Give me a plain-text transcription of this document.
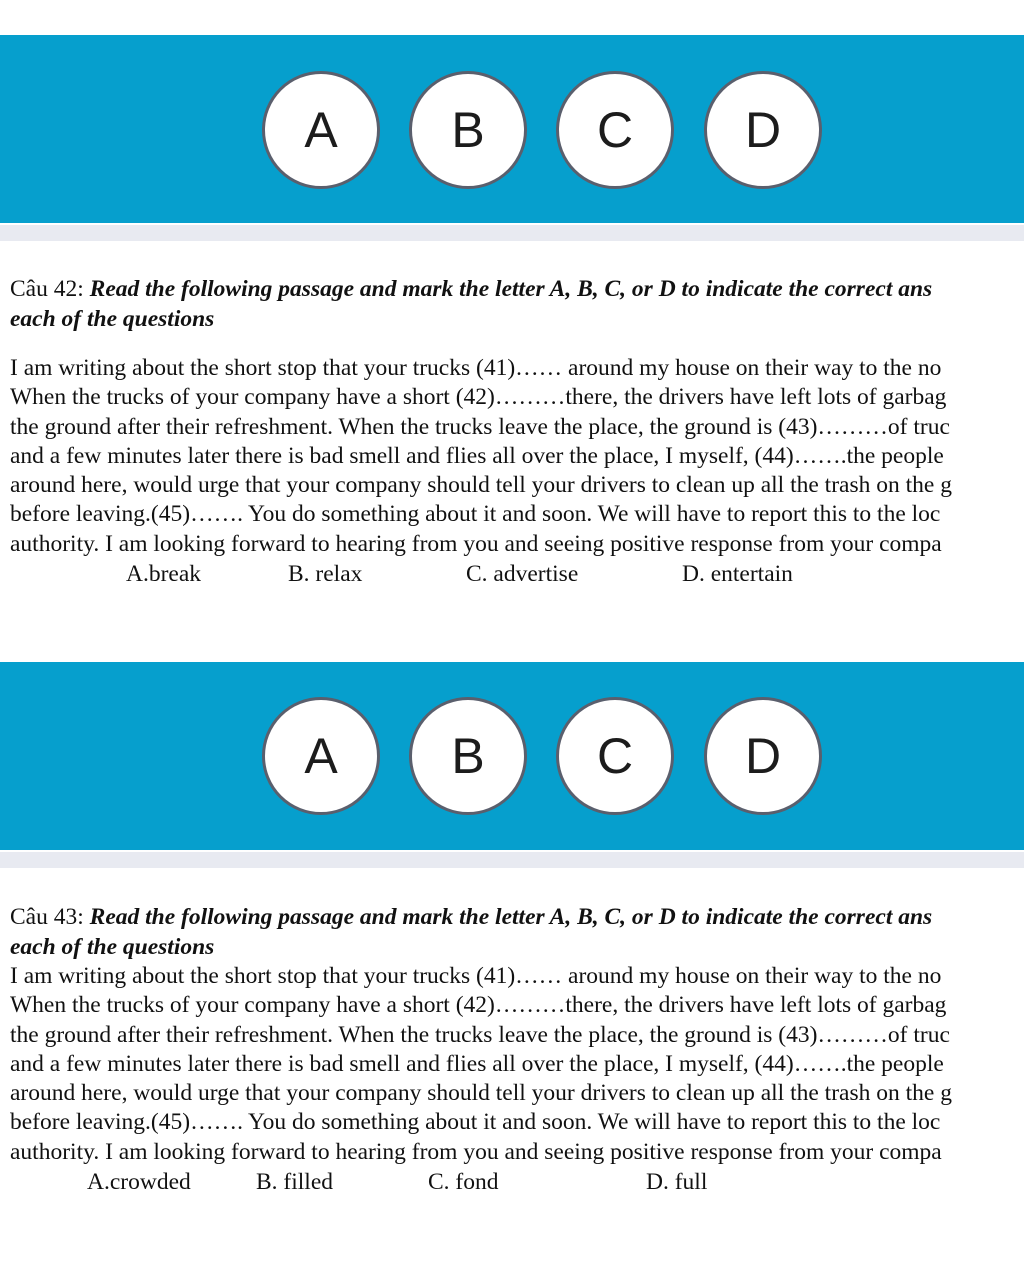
A	B	C	D

Câu 42: Read the following passage and mark the letter A, B, C, or D to indicate the correct ans

each of the questions

I am writing about the short stop that your trucks (41)…… around my house on their way to the no
When the trucks of your company have a short (42)………there, the drivers have left lots of garbag
the ground after their refreshment. When the trucks leave the place, the ground is (43)………of truc
and a few minutes later there is bad smell and flies all over the place, I myself, (44)…….the people
around here, would urge that your company should tell your drivers to clean up all the trash on the g
before leaving.(45)……. You do something about it and soon. We will have to report this to the loc
authority. I am looking forward to hearing from you and seeing positive response from your compa
A.break	B. relax	C. advertise	D. entertain
A	B	C	D

Câu 43: Read the following passage and mark the letter A, B, C, or D to indicate the correct ans

each of the questions

I am writing about the short stop that your trucks (41)…… around my house on their way to the no
When the trucks of your company have a short (42)………there, the drivers have left lots of garbag
the ground after their refreshment. When the trucks leave the place, the ground is (43)………of truc
and a few minutes later there is bad smell and flies all over the place, I myself, (44)…….the people
around here, would urge that your company should tell your drivers to clean up all the trash on the g
before leaving.(45)……. You do something about it and soon. We will have to report this to the loc
authority. I am looking forward to hearing from you and seeing positive response from your compa
A.crowded	B. filled	C. fond	D. full
